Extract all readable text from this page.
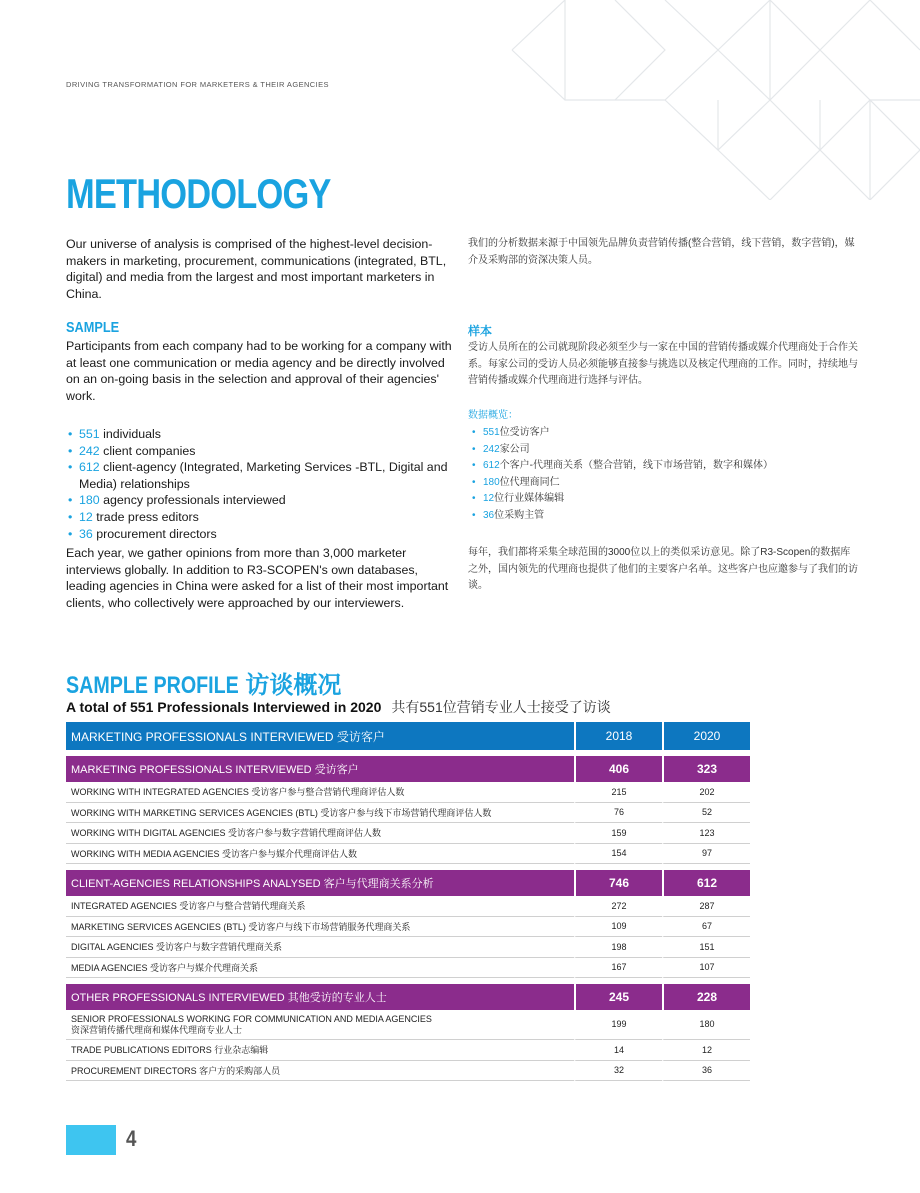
DRIVING TRANSFORMATION FOR MARKETERS & THEIR AGENCIES
METHODOLOGY
Our universe of analysis is comprised of the highest-level decision-makers in marketing, procurement, communications (integrated, BTL, digital) and media from the largest and most important marketers in China.
我们的分析数据来源于中国领先品牌负责营销传播(整合营销，线下营销，数字营销)，媒介及采购部的资深决策人员。
SAMPLE	样本
Participants from each company had to be working for a company with at least one communication or media agency and be directly involved on an on-going basis in the selection and approval of their agencies' work.
受访人员所在的公司就现阶段必须至少与一家在中国的营销传播或媒介代理商处于合作关系。每家公司的受访人员必须能够直接参与挑选以及核定代理商的工作。同时，持续地与营销传播或媒介代理商进行选择与评估。
数据概览：
• 551 individuals
• 242 client companies
• 612 client-agency (Integrated, Marketing Services -BTL, Digital and Media) relationships
• 180 agency professionals interviewed
• 12 trade press editors
• 36 procurement directors
• 551位受访客户
• 242家公司
• 612个客户-代理商关系（整合营销，线下市场营销，数字和媒体）
• 180位代理商同仁
• 12位行业媒体编辑
• 36位采购主管
Each year, we gather opinions from more than 3,000 marketer interviews globally. In addition to R3-SCOPEN's own databases, leading agencies in China were asked for a list of their most important clients, who collectively were approached by our interviewers.
每年，我们都将采集全球范围的3000位以上的类似采访意见。除了R3-Scopen的数据库之外，国内领先的代理商也提供了他们的主要客户名单。这些客户也应邀参与了我们的访谈。
SAMPLE PROFILE 访谈概况
A total of 551 Professionals Interviewed in 2020 共有551位营销专业人士接受了访谈
MARKETING PROFESSIONALS INTERVIEWED 受访客户	2018	2020

MARKETING PROFESSIONALS INTERVIEWED 受访客户	406	323
WORKING WITH INTEGRATED AGENCIES 受访客户参与整合营销代理商评估人数	215	202
WORKING WITH MARKETING SERVICES AGENCIES (BTL) 受访客户参与线下市场营销代理商评估人数	76	52
WORKING WITH DIGITAL AGENCIES 受访客户参与数字营销代理商评估人数	159	123
WORKING WITH MEDIA AGENCIES 受访客户参与媒介代理商评估人数	154	97

CLIENT-AGENCIES RELATIONSHIPS ANALYSED 客户与代理商关系分析	746	612
INTEGRATED AGENCIES 受访客户与整合营销代理商关系	272	287
MARKETING SERVICES AGENCIES (BTL) 受访客户与线下市场营销服务代理商关系	109	67
DIGITAL AGENCIES 受访客户与数字营销代理商关系	198	151
MEDIA AGENCIES 受访客户与媒介代理商关系	167	107

OTHER PROFESSIONALS INTERVIEWED 其他受访的专业人士	245	228
SENIOR PROFESSIONALS WORKING FOR COMMUNICATION AND MEDIA AGENCIES
资深营销传播代理商和媒体代理商专业人士	199	180
TRADE PUBLICATIONS EDITORS 行业杂志编辑	14	12
PROCUREMENT DIRECTORS 客户方的采购部人员	32	36
4
